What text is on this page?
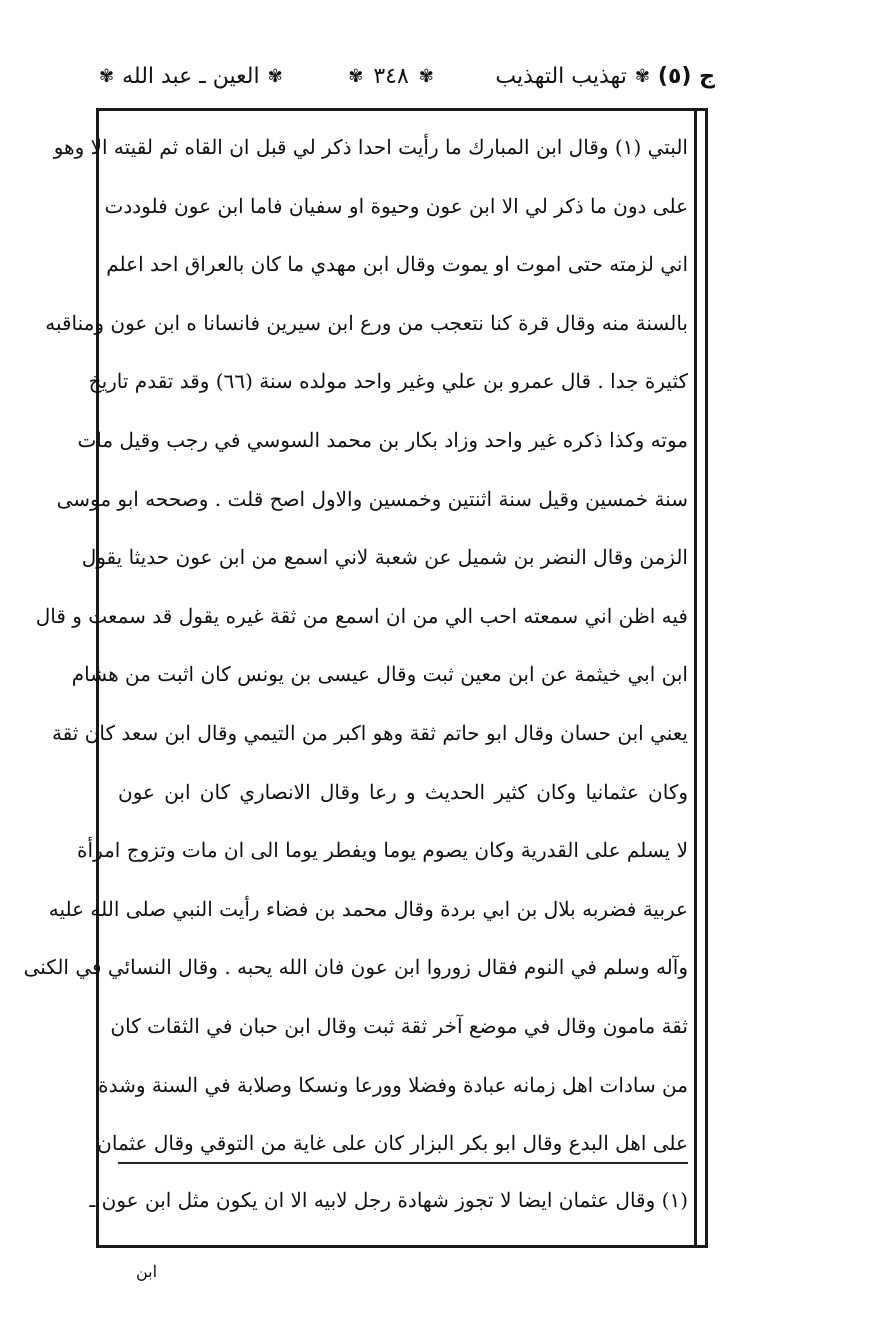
ج (٥)
✾
تهذيب التهذيب
✾
٣٤٨
✾
✾
العين ـ عبد الله
✾
البتي (١) وقال ابن المبارك ما رأيت احدا ذكر لي قبل ان القاه ثم لقيته الا وهو
على دون ما ذكر لي الا ابن عون وحيوة او سفيان فاما ابن عون فلوددت
اني لزمته حتى اموت او يموت وقال ابن مهدي ما كان بالعراق احد اعلم
بالسنة منه وقال قرة كنا نتعجب من ورع ابن سيرين فانسانا ه ابن عون ومناقبه
كثيرة جدا . قال عمرو بن علي وغير واحد مولده سنة (٦٦) وقد تقدم تاريخ
موته وكذا ذكره غير واحد وزاد بكار بن محمد السوسي في رجب وقيل مات
سنة خمسين وقيل سنة اثنتين وخمسين والاول اصح قلت . وصححه ابو موسى
الزمن وقال النضر بن شميل عن شعبة لاني اسمع من ابن عون حديثا يقول
فيه اظن اني سمعته احب الي من ان اسمع من ثقة غيره يقول قد سمعت و قال
ابن ابي خيثمة عن ابن معين ثبت وقال عيسى بن يونس كان اثبت من هشام
يعني ابن حسان وقال ابو حاتم ثقة وهو اكبر من التيمي وقال ابن سعد كان ثقة
وكان عثمانيا وكان كثير الحديث و رعا وقال الانصاري كان ابن عون
لا يسلم على القدرية وكان يصوم يوما ويفطر يوما الى ان مات وتزوج امرأة
عربية فضربه بلال بن ابي بردة وقال محمد بن فضاء رأيت النبي صلى الله عليه
وآله وسلم في النوم فقال زوروا ابن عون فان الله يحبه . وقال النسائي في الكنى
ثقة مامون وقال في موضع آخر ثقة ثبت وقال ابن حبان في الثقات كان
من سادات اهل زمانه عبادة وفضلا وورعا ونسكا وصلابة في السنة وشدة
على اهل البدع وقال ابو بكر البزار كان على غاية من التوقي وقال عثمان
(١) وقال عثمان ايضا لا تجوز شهادة رجل لابيه الا ان يكون مثل ابن عون ـ
ابن
